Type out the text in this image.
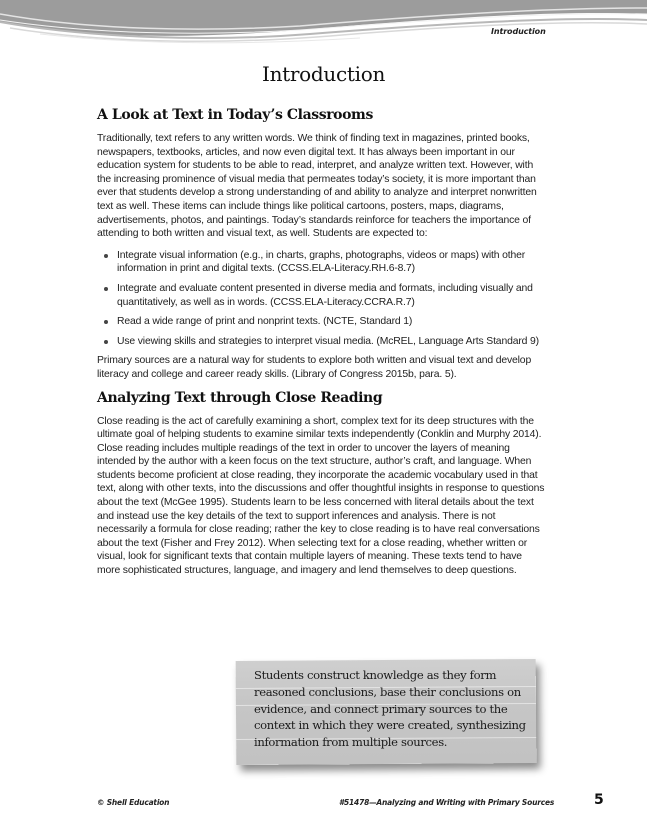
Introduction
Introduction
A Look at Text in Today’s Classrooms

Traditionally, text refers to any written words. We think of finding text in magazines, printed books, newspapers, textbooks, articles, and now even digital text. It has always been important in our education system for students to be able to read, interpret, and analyze written text. However, with the increasing prominence of visual media that permeates today’s society, it is more important than ever that students develop a strong understanding of and ability to analyze and interpret nonwritten text as well. These items can include things like political cartoons, posters, maps, diagrams, advertisements, photos, and paintings. Today’s standards reinforce for teachers the importance of attending to both written and visual text, as well. Students are expected to:

Integrate visual information (e.g., in charts, graphs, photographs, videos or maps) with other information in print and digital texts. (CCSS.ELA-Literacy.RH.6-8.7)
Integrate and evaluate content presented in diverse media and formats, including visually and quantitatively, as well as in words. (CCSS.ELA-Literacy.CCRA.R.7)
Read a wide range of print and nonprint texts. (NCTE, Standard 1)
Use viewing skills and strategies to interpret visual media. (McREL, Language Arts Standard 9)

Primary sources are a natural way for students to explore both written and visual text and develop literacy and college and career ready skills. (Library of Congress 2015b, para. 5).

Analyzing Text through Close Reading

Close reading is the act of carefully examining a short, complex text for its deep structures with the ultimate goal of helping students to examine similar texts independently (Conklin and Murphy 2014). Close reading includes multiple readings of the text in order to uncover the layers of meaning intended by the author with a keen focus on the text structure, author’s craft, and language. When students become proficient at close reading, they incorporate the academic vocabulary used in that text, along with other texts, into the discussions and offer thoughtful insights in response to questions about the text (McGee 1995). Students learn to be less concerned with literal details about the text and instead use the key details of the text to support inferences and analysis. There is not necessarily a formula for close reading; rather the key to close reading is to have real conversations about the text (Fisher and Frey 2012). When selecting text for a close reading, whether written or visual, look for significant texts that contain multiple layers of meaning. These texts tend to have more sophisticated structures, language, and imagery and lend themselves to deep questions.

Students construct knowledge as they form reasoned conclusions, base their conclusions on evidence, and connect primary sources to the context in which they were created, synthesizing information from multiple sources.

© Shell Education	#51478—Analyzing and Writing with Primary Sources	5
